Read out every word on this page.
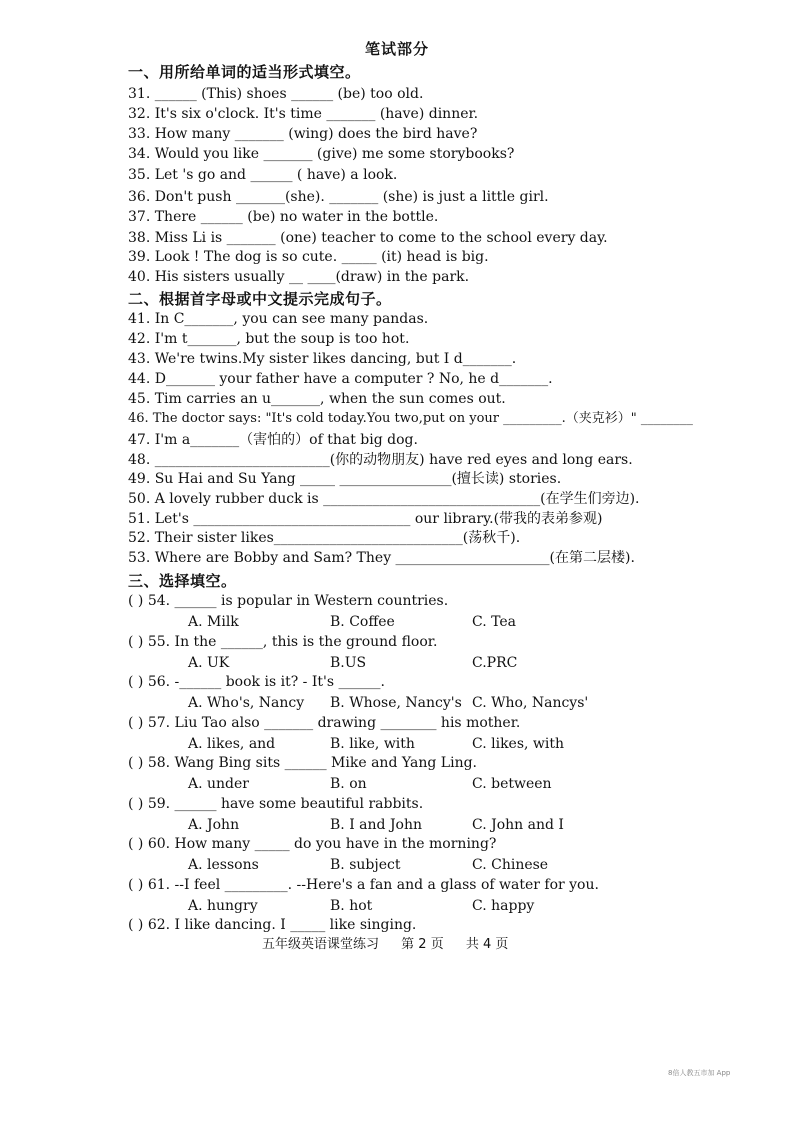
笔试部分
一、用所给单词的适当形式填空。
31. ______ (This) shoes ______ (be) too old.
32. It's six o'clock. It's time _______ (have) dinner.
33. How many _______ (wing) does the bird have?
34. Would you like _______ (give) me some storybooks?
35. Let 's go and ______ ( have) a look.
36. Don't push _______(she). _______ (she) is just a little girl.
37. There ______ (be) no water in the bottle.
38. Miss Li is _______ (one) teacher to come to the school every day.
39. Look ! The dog is so cute. _____ (it) head is big.
40. His sisters usually __ ____(draw) in the park.
二、根据首字母或中文提示完成句子。
41. In C_______, you can see many pandas.
42. I'm t_______, but the soup is too hot.
43. We're twins.My sister likes dancing, but I d_______.
44. D_______ your father have a computer ? No, he d_______.
45. Tim carries an u_______, when the sun comes out.
46. The doctor says: "It's cold today.You two,put on your _________.（夹克衫）" ________
47. I'm a_______（害怕的）of that big dog.
48. _________________________(你的动物朋友) have red eyes and long ears.
49. Su Hai and Su Yang _____ ________________(擅长读) stories.
50. A lovely rubber duck is _______________________________(在学生们旁边).
51. Let's _______________________________ our library.(带我的表弟参观)
52. Their sister likes___________________________(荡秋千).
53. Where are Bobby and Sam? They ______________________(在第二层楼).
三、选择填空。
( ) 54. ______ is popular in Western countries.
A. Milk	B. Coffee	C. Tea
( ) 55. In the ______, this is the ground floor.
A. UK	B.US	C.PRC
( ) 56. -______ book is it? - It's ______.
A. Who's, Nancy B. Whose, Nancy's C. Who, Nancys'
( ) 57. Liu Tao also _______ drawing ________ his mother.
A. likes, and	B. like, with	C. likes, with
( ) 58. Wang Bing sits ______ Mike and Yang Ling.
A. under	B. on	C. between
( ) 59. ______ have some beautiful rabbits.
A. John	B. I and John	C. John and I
( ) 60. How many _____ do you have in the morning?
A. lessons	B. subject	C. Chinese
( ) 61. --I feel _________. --Here's a fan and a glass of water for you.
A. hungry	B. hot	C. happy
( ) 62. I like dancing. I _____ like singing.
五年级英语课堂练习 第 2 页 共 4 页
8倍人教五市加 App
